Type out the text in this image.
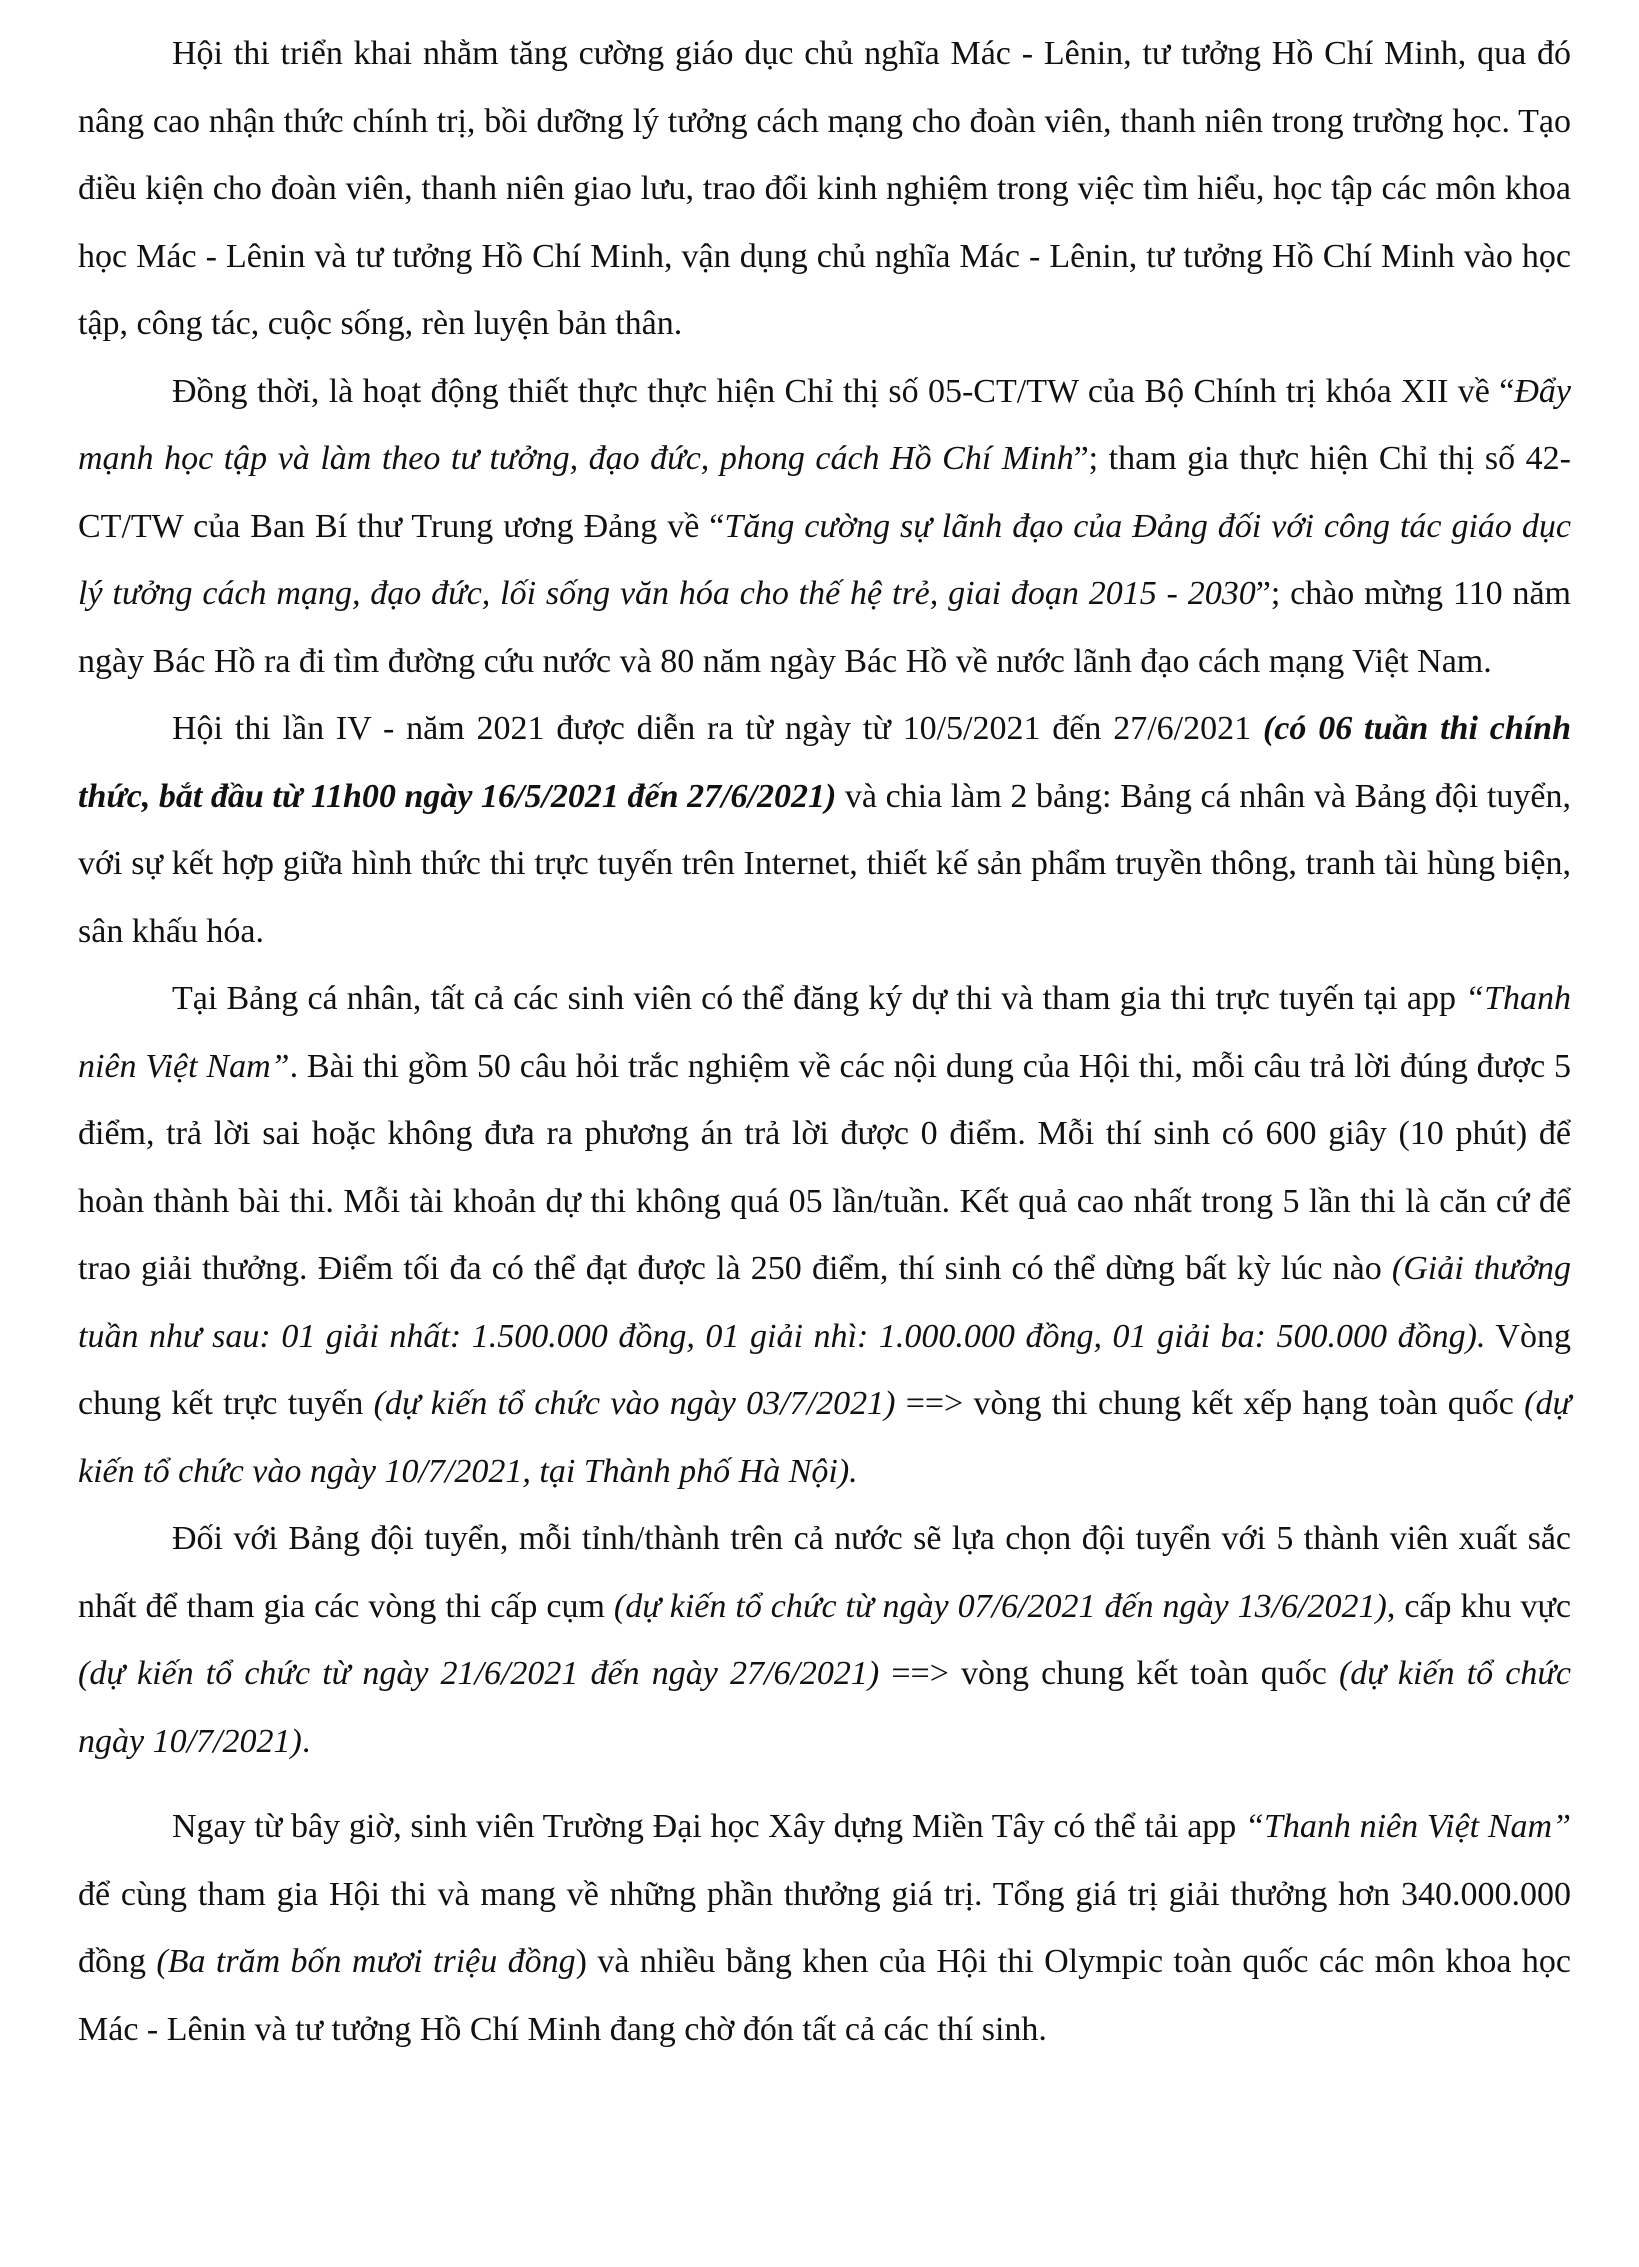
Hội thi triển khai nhằm tăng cường giáo dục chủ nghĩa Mác - Lênin, tư tưởng Hồ Chí Minh, qua đó nâng cao nhận thức chính trị, bồi dưỡng lý tưởng cách mạng cho đoàn viên, thanh niên trong trường học. Tạo điều kiện cho đoàn viên, thanh niên giao lưu, trao đổi kinh nghiệm trong việc tìm hiểu, học tập các môn khoa học Mác - Lênin và tư tưởng Hồ Chí Minh, vận dụng chủ nghĩa Mác - Lênin, tư tưởng Hồ Chí Minh vào học tập, công tác, cuộc sống, rèn luyện bản thân.

Đồng thời, là hoạt động thiết thực thực hiện Chỉ thị số 05-CT/TW của Bộ Chính trị khóa XII về “Đẩy mạnh học tập và làm theo tư tưởng, đạo đức, phong cách Hồ Chí Minh”; tham gia thực hiện Chỉ thị số 42-CT/TW của Ban Bí thư Trung ương Đảng về “Tăng cường sự lãnh đạo của Đảng đối với công tác giáo dục lý tưởng cách mạng, đạo đức, lối sống văn hóa cho thế hệ trẻ, giai đoạn 2015 - 2030”; chào mừng 110 năm ngày Bác Hồ ra đi tìm đường cứu nước và 80 năm ngày Bác Hồ về nước lãnh đạo cách mạng Việt Nam.

Hội thi lần IV - năm 2021 được diễn ra từ ngày từ 10/5/2021 đến 27/6/2021 (có 06 tuần thi chính thức, bắt đầu từ 11h00 ngày 16/5/2021 đến 27/6/2021) và chia làm 2 bảng: Bảng cá nhân và Bảng đội tuyển, với sự kết hợp giữa hình thức thi trực tuyến trên Internet, thiết kế sản phẩm truyền thông, tranh tài hùng biện, sân khấu hóa.

Tại Bảng cá nhân, tất cả các sinh viên có thể đăng ký dự thi và tham gia thi trực tuyến tại app “Thanh niên Việt Nam”. Bài thi gồm 50 câu hỏi trắc nghiệm về các nội dung của Hội thi, mỗi câu trả lời đúng được 5 điểm, trả lời sai hoặc không đưa ra phương án trả lời được 0 điểm. Mỗi thí sinh có 600 giây (10 phút) để hoàn thành bài thi. Mỗi tài khoản dự thi không quá 05 lần/tuần. Kết quả cao nhất trong 5 lần thi là căn cứ để trao giải thưởng. Điểm tối đa có thể đạt được là 250 điểm, thí sinh có thể dừng bất kỳ lúc nào (Giải thưởng tuần như sau: 01 giải nhất: 1.500.000 đồng, 01 giải nhì: 1.000.000 đồng, 01 giải ba: 500.000 đồng). Vòng chung kết trực tuyến (dự kiến tổ chức vào ngày 03/7/2021) ==> vòng thi chung kết xếp hạng toàn quốc (dự kiến tổ chức vào ngày 10/7/2021, tại Thành phố Hà Nội).

Đối với Bảng đội tuyển, mỗi tỉnh/thành trên cả nước sẽ lựa chọn đội tuyển với 5 thành viên xuất sắc nhất để tham gia các vòng thi cấp cụm (dự kiến tổ chức từ ngày 07/6/2021 đến ngày 13/6/2021), cấp khu vực (dự kiến tổ chức từ ngày 21/6/2021 đến ngày 27/6/2021) ==> vòng chung kết toàn quốc (dự kiến tổ chức ngày 10/7/2021).

Ngay từ bây giờ, sinh viên Trường Đại học Xây dựng Miền Tây có thể tải app “Thanh niên Việt Nam” để cùng tham gia Hội thi và mang về những phần thưởng giá trị. Tổng giá trị giải thưởng hơn 340.000.000 đồng (Ba trăm bốn mươi triệu đồng) và nhiều bằng khen của Hội thi Olympic toàn quốc các môn khoa học Mác - Lênin và tư tưởng Hồ Chí Minh đang chờ đón tất cả các thí sinh.
